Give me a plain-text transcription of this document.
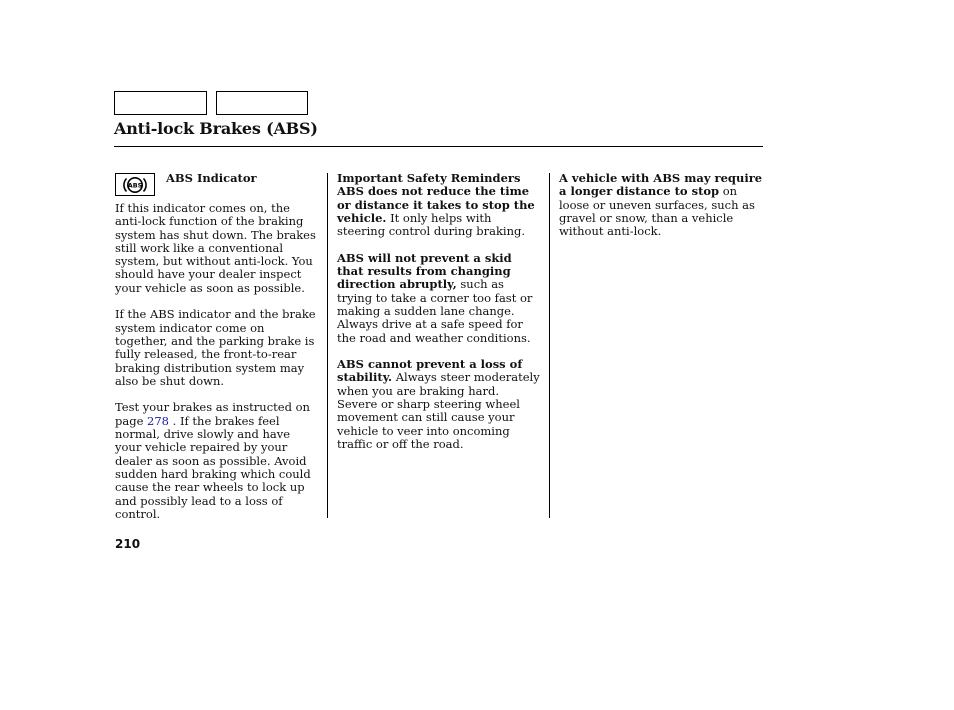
Anti-lock Brakes (ABS)
ABS
ABS Indicator

If this indicator comes on, the anti-lock function of the braking system has shut down. The brakes still work like a conventional system, but without anti-lock. You should have your dealer inspect your vehicle as soon as possible.

If the ABS indicator and the brake system indicator come on together, and the parking brake is fully released, the front-to-rear braking distribution system may also be shut down.

Test your brakes as instructed on page 278 . If the brakes feel normal, drive slowly and have your vehicle repaired by your dealer as soon as possible. Avoid sudden hard braking which could cause the rear wheels to lock up and possibly lead to a loss of control.

Important Safety Reminders

ABS does not reduce the time or distance it takes to stop the vehicle. It only helps with steering control during braking.

ABS will not prevent a skid that results from changing direction abruptly, such as trying to take a corner too fast or making a sudden lane change. Always drive at a safe speed for the road and weather conditions.

ABS cannot prevent a loss of stability. Always steer moderately when you are braking hard. Severe or sharp steering wheel movement can still cause your vehicle to veer into oncoming traffic or off the road.

A vehicle with ABS may require a longer distance to stop on loose or uneven surfaces, such as gravel or snow, than a vehicle without anti-lock.

210
